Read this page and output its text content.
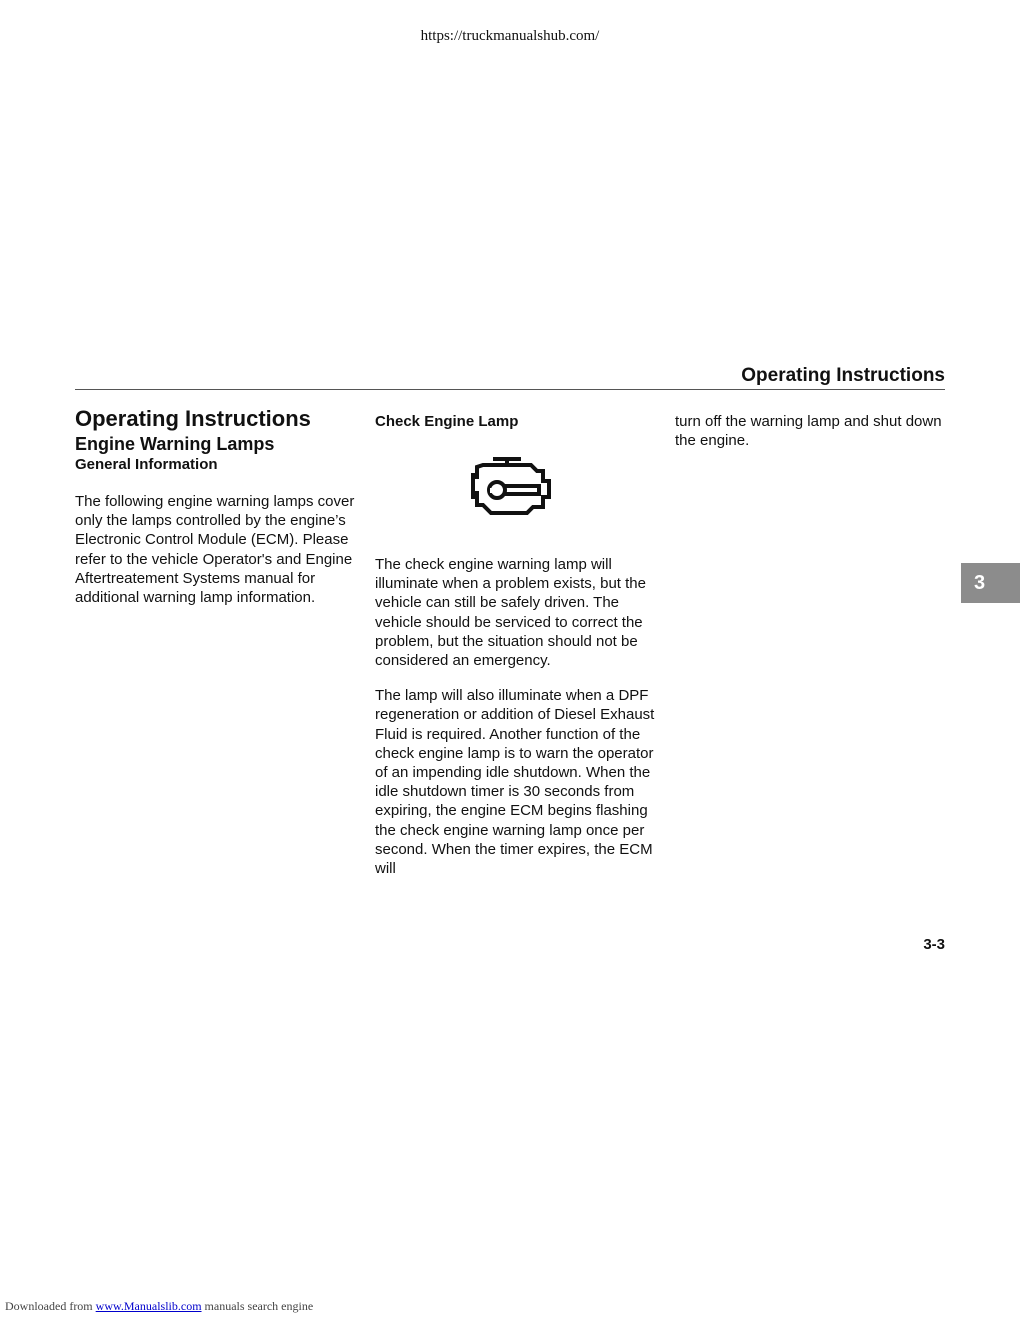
https://truckmanualshub.com/
Operating Instructions

Operating Instructions

Engine Warning Lamps

General Information

The following engine warning lamps cover only the lamps controlled by the engine’s Electronic Control Module (ECM). Please refer to the vehicle Operator's and Engine Aftertreatement Systems manual for additional warning lamp information.

Check Engine Lamp

The check engine warning lamp will illuminate when a problem exists, but the vehicle can still be safely driven. The vehicle should be serviced to correct the problem, but the situation should not be considered an emergency.

The lamp will also illuminate when a DPF regeneration or addition of Diesel Exhaust Fluid is required. Another function of the check engine lamp is to warn the operator of an impending idle shutdown. When the idle shutdown timer is 30 seconds from expiring, the engine ECM begins flashing the check engine warning lamp once per second. When the timer expires, the ECM will

turn off the warning lamp and shut down the engine.

3
3-3
Downloaded from www.Manualslib.com manuals search engine
